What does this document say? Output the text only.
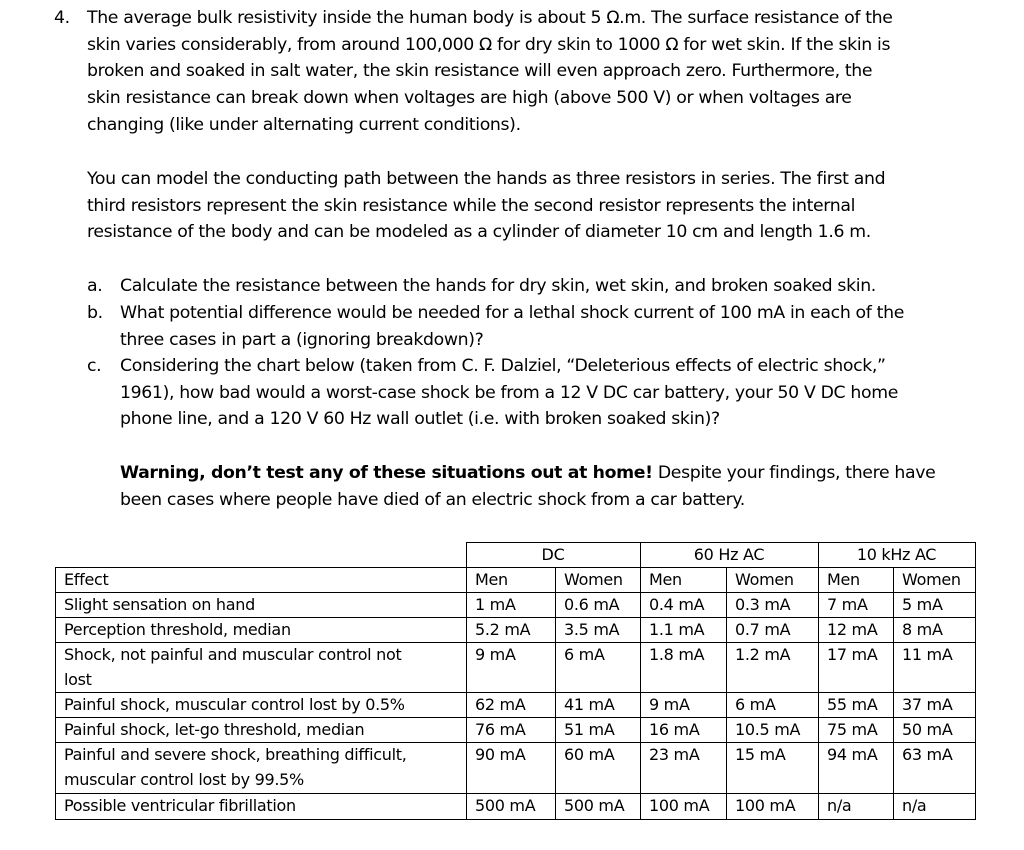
4. The average bulk resistivity inside the human body is about 5 Ω.m. The surface resistance of the
skin varies considerably, from around 100,000 Ω for dry skin to 1000 Ω for wet skin. If the skin is
broken and soaked in salt water, the skin resistance will even approach zero. Furthermore, the
skin resistance can break down when voltages are high (above 500 V) or when voltages are
changing (like under alternating current conditions).
You can model the conducting path between the hands as three resistors in series. The first and
third resistors represent the skin resistance while the second resistor represents the internal
resistance of the body and can be modeled as a cylinder of diameter 10 cm and length 1.6 m.
a. Calculate the resistance between the hands for dry skin, wet skin, and broken soaked skin.
b. What potential difference would be needed for a lethal shock current of 100 mA in each of the
three cases in part a (ignoring breakdown)?
c. Considering the chart below (taken from C. F. Dalziel, “Deleterious effects of electric shock,”
1961), how bad would a worst-case shock be from a 12 V DC car battery, your 50 V DC home
phone line, and a 120 V 60 Hz wall outlet (i.e. with broken soaked skin)?
Warning, don’t test any of these situations out at home! Despite your findings, there have
been cases where people have died of an electric shock from a car battery.
DC	60 Hz AC	10 kHz AC
Effect	Men	Women Men	Women Men	Women
Slight sensation on hand	1 mA	0.6 mA 0.4 mA 0.3 mA 7 mA 5 mA
Perception threshold, median	5.2 mA 3.5 mA 1.1 mA 0.7 mA 12 mA 8 mA
Shock, not painful and muscular control not
lost
9 mA	6 mA	1.8 mA 1.2 mA 17 mA 11 mA
Painful shock, muscular control lost by 0.5%	62 mA 41 mA 9 mA	6 mA	55 mA 37 mA
Painful shock, let-go threshold, median	76 mA 51 mA 16 mA 10.5 mA 75 mA 50 mA
Painful and severe shock, breathing difficult,
muscular control lost by 99.5%
90 mA 60 mA 23 mA 15 mA	94 mA 63 mA
Possible ventricular fibrillation	500 mA 500 mA 100 mA 100 mA n/a	n/a
